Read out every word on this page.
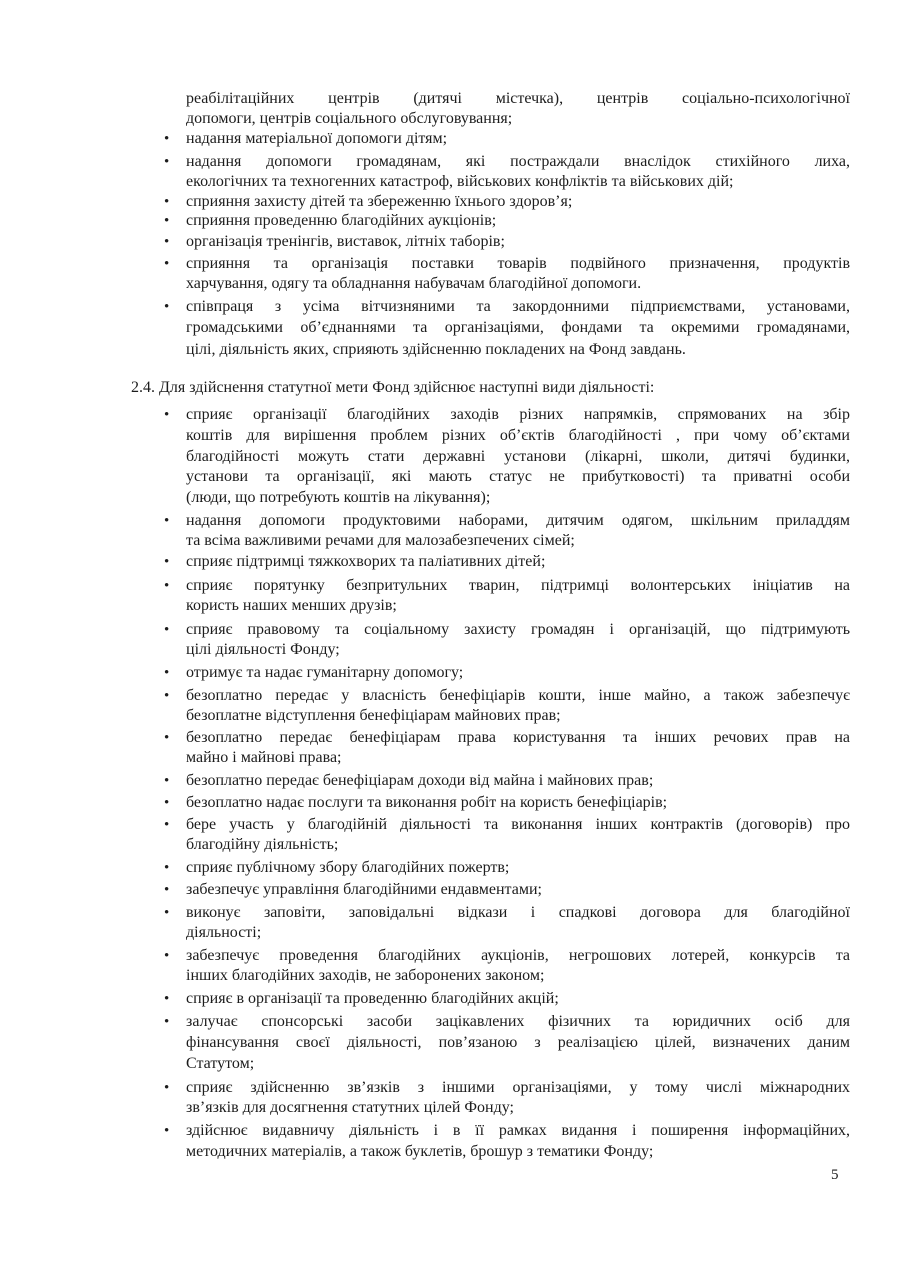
реабілітаційних центрів (дитячі містечка), центрів соціально-психологічної
допомоги, центрів соціального обслуговування;
• надання матеріальної допомоги дітям;
• надання допомоги громадянам, які постраждали внаслідок стихійного лиха,
екологічних та техногенних катастроф, військових конфліктів та військових дій;
• сприяння захисту дітей та збереженню їхнього здоров’я;
• сприяння проведенню благодійних аукціонів;
• організація тренінгів, виставок, літніх таборів;
• сприяння та організація поставки товарів подвійного призначення, продуктів
харчування, одягу та обладнання набувачам благодійної допомоги.
• співпраця з усіма вітчизняними та закордонними підприємствами, установами,
громадськими об’єднаннями та організаціями, фондами та окремими громадянами,
цілі, діяльність яких, сприяють здійсненню покладених на Фонд завдань.
2.4. Для здійснення статутної мети Фонд здійснює наступні види діяльності:
• сприяє організації благодійних заходів різних напрямків, спрямованих на збір
коштів для вирішення проблем різних об’єктів благодійності , при чому об’єктами
благодійності можуть стати державні установи (лікарні, школи, дитячі будинки,
установи та організації, які мають статус не прибутковості) та приватні особи
(люди, що потребують коштів на лікування);
• надання допомоги продуктовими наборами, дитячим одягом, шкільним приладдям
та всіма важливими речами для малозабезпечених сімей;
• сприяє підтримці тяжкохворих та паліативних дітей;
• сприяє порятунку безпритульних тварин, підтримці волонтерських ініціатив на
користь наших менших друзів;
• сприяє правовому та соціальному захисту громадян і організацій, що підтримують
цілі діяльності Фонду;
• отримує та надає гуманітарну допомогу;
• безоплатно передає у власність бенефіціарів кошти, інше майно, а також забезпечує
безоплатне відступлення бенефіціарам майнових прав;
• безоплатно передає бенефіціарам права користування та інших речових прав на
майно і майнові права;
• безоплатно передає бенефіціарам доходи від майна і майнових прав;
• безоплатно надає послуги та виконання робіт на користь бенефіціарів;
• бере участь у благодійній діяльності та виконання інших контрактів (договорів) про
благодійну діяльність;
• сприяє публічному збору благодійних пожертв;
• забезпечує управління благодійними ендавментами;
• виконує заповіти, заповідальні відкази і спадкові договора для благодійної
діяльності;
• забезпечує проведення благодійних аукціонів, негрошових лотерей, конкурсів та
інших благодійних заходів, не заборонених законом;
• сприяє в організації та проведенню благодійних акцій;
• залучає спонсорські засоби зацікавлених фізичних та юридичних осіб для
фінансування своєї діяльності, пов’язаною з реалізацією цілей, визначених даним
Статутом;
• сприяє здійсненню зв’язків з іншими організаціями, у тому числі міжнародних
зв’язків для досягнення статутних цілей Фонду;
• здійснює видавничу діяльність і в її рамках видання і поширення інформаційних,
методичних матеріалів, а також буклетів, брошур з тематики Фонду;
5
